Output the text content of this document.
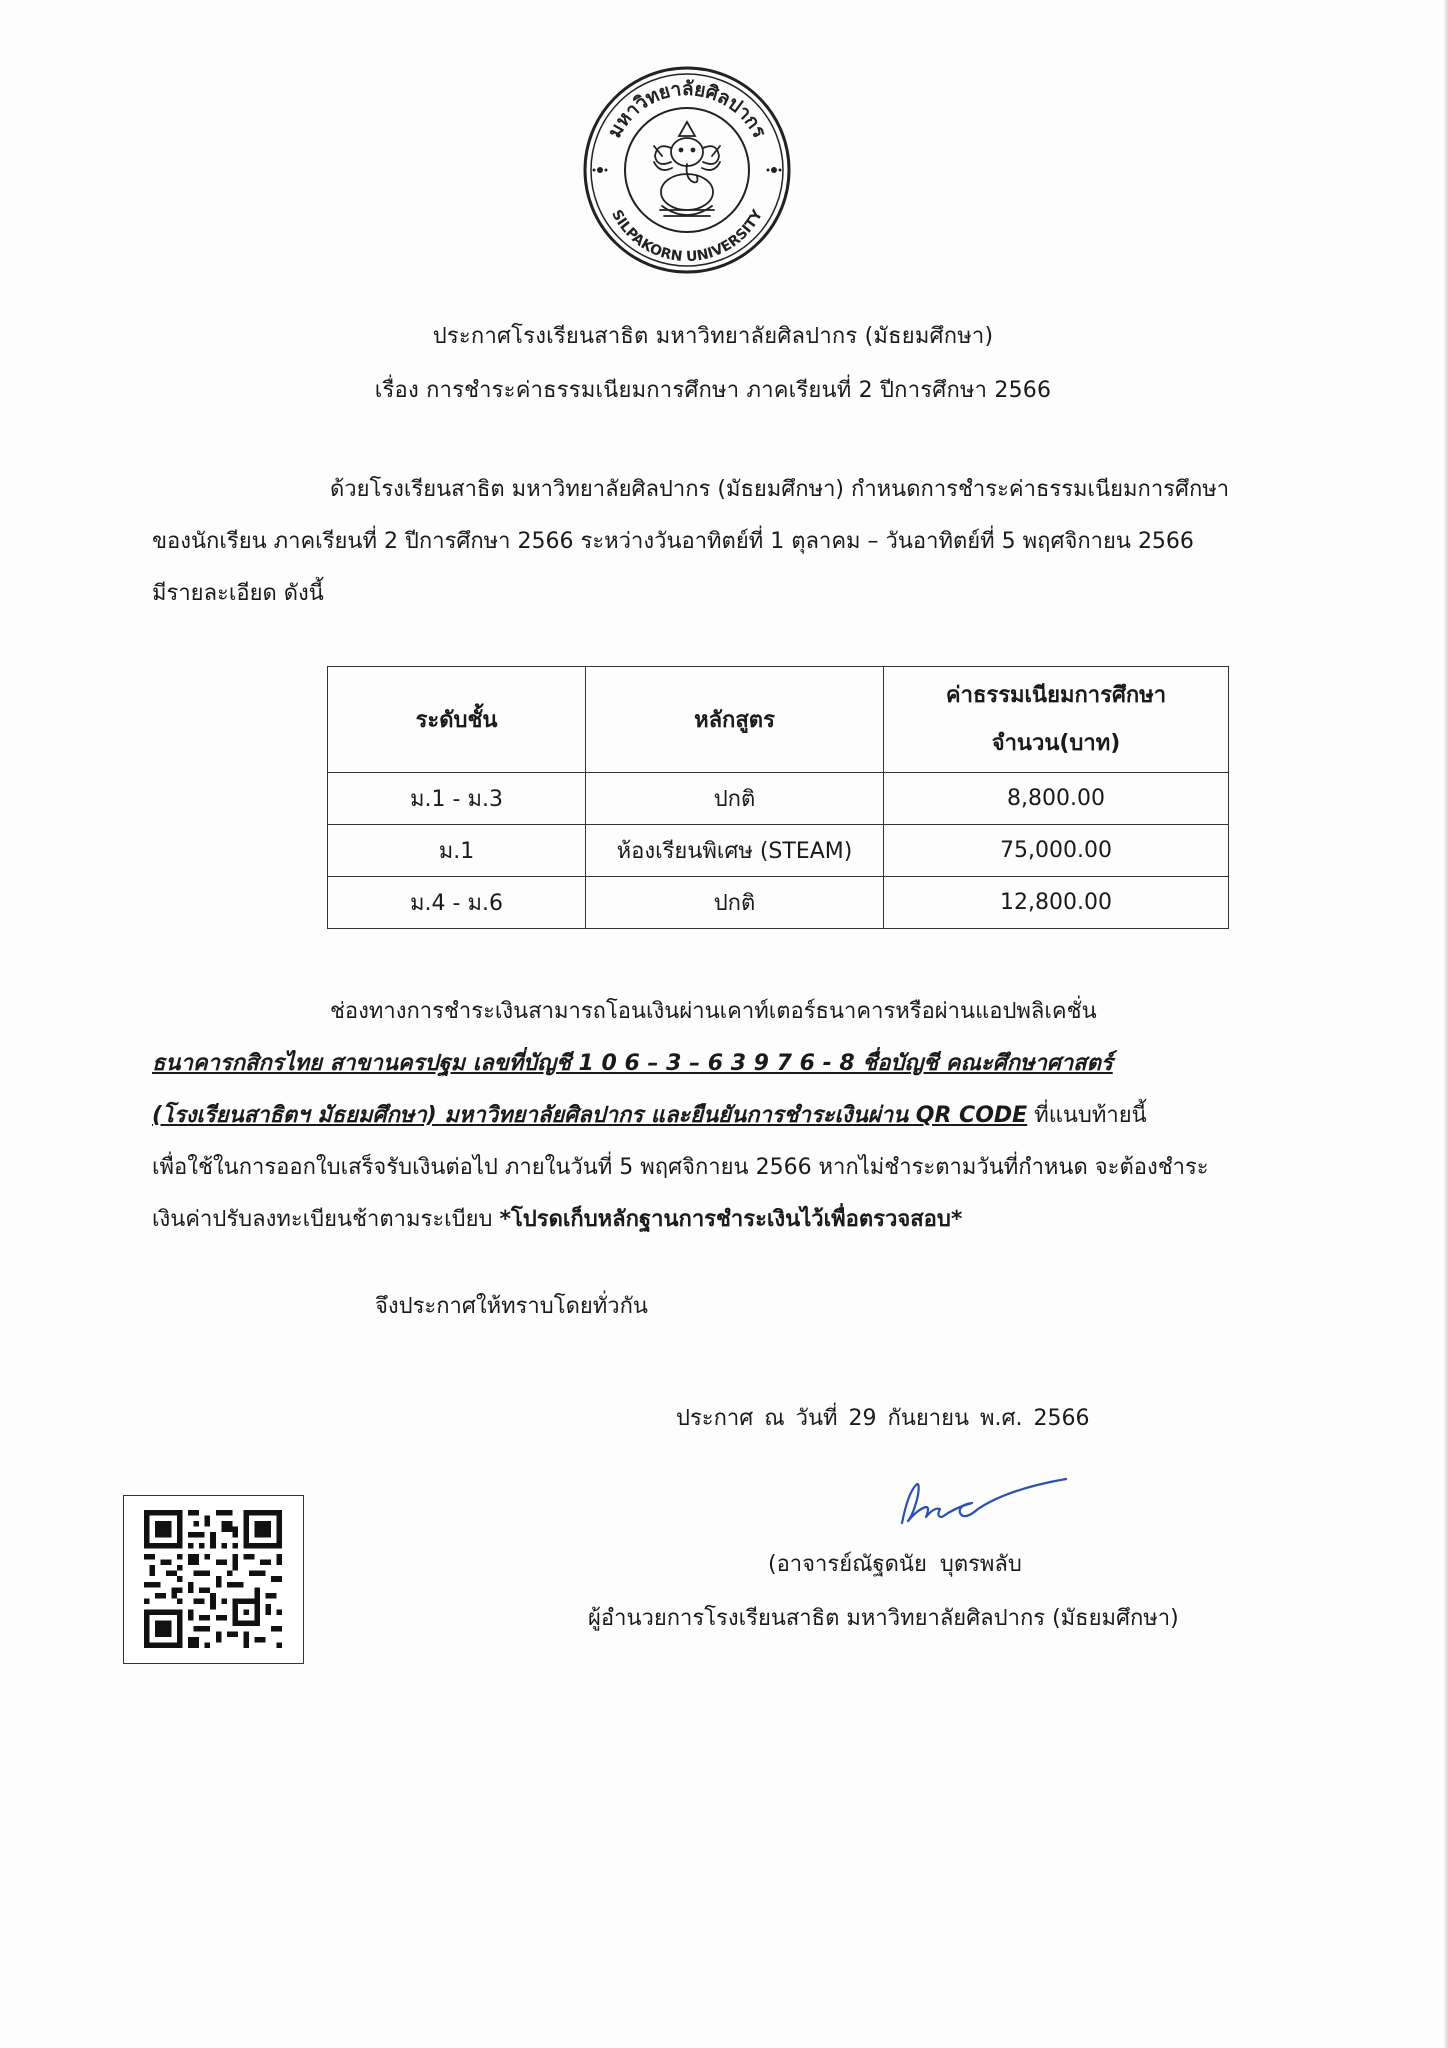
มหาวิทยาลัยศิลปากร
SILPAKORN UNIVERSITY
ประกาศโรงเรียนสาธิต มหาวิทยาลัยศิลปากร (มัธยมศึกษา)
เรื่อง การชำระค่าธรรมเนียมการศึกษา ภาคเรียนที่ 2 ปีการศึกษา 2566
ด้วยโรงเรียนสาธิต มหาวิทยาลัยศิลปากร (มัธยมศึกษา) กำหนดการชำระค่าธรรมเนียมการศึกษา
ของนักเรียน ภาคเรียนที่ 2 ปีการศึกษา 2566 ระหว่างวันอาทิตย์ที่ 1 ตุลาคม – วันอาทิตย์ที่ 5 พฤศจิกายน 2566
มีรายละเอียด ดังนี้
ระดับชั้น	หลักสูตร	ค่าธรรมเนียมการศึกษา
จำนวน(บาท)

ม.1 - ม.3	ปกติ	8,800.00
ม.1	ห้องเรียนพิเศษ (STEAM)	75,000.00
ม.4 - ม.6	ปกติ	12,800.00
ช่องทางการชำระเงินสามารถโอนเงินผ่านเคาท์เตอร์ธนาคารหรือผ่านแอปพลิเคชั่น
ธนาคารกสิกรไทย สาขานครปฐม เลขที่บัญชี 1 0 6 – 3 – 6 3 9 7 6 - 8 ชื่อบัญชี คณะศึกษาศาสตร์
(โรงเรียนสาธิตฯ มัธยมศึกษา) มหาวิทยาลัยศิลปากร และยืนยันการชำระเงินผ่าน QR CODE ที่แนบท้ายนี้
เพื่อใช้ในการออกใบเสร็จรับเงินต่อไป ภายในวันที่ 5 พฤศจิกายน 2566 หากไม่ชำระตามวันที่กำหนด จะต้องชำระ
เงินค่าปรับลงทะเบียนช้าตามระเบียบ *โปรดเก็บหลักฐานการชำระเงินไว้เพื่อตรวจสอบ*
จึงประกาศให้ทราบโดยทั่วกัน
ประกาศ ณ วันที่ 29 กันยายน พ.ศ. 2566
(อาจารย์ณัฐดนัย บุตรพลับ
ผู้อำนวยการโรงเรียนสาธิต มหาวิทยาลัยศิลปากร (มัธยมศึกษา)
